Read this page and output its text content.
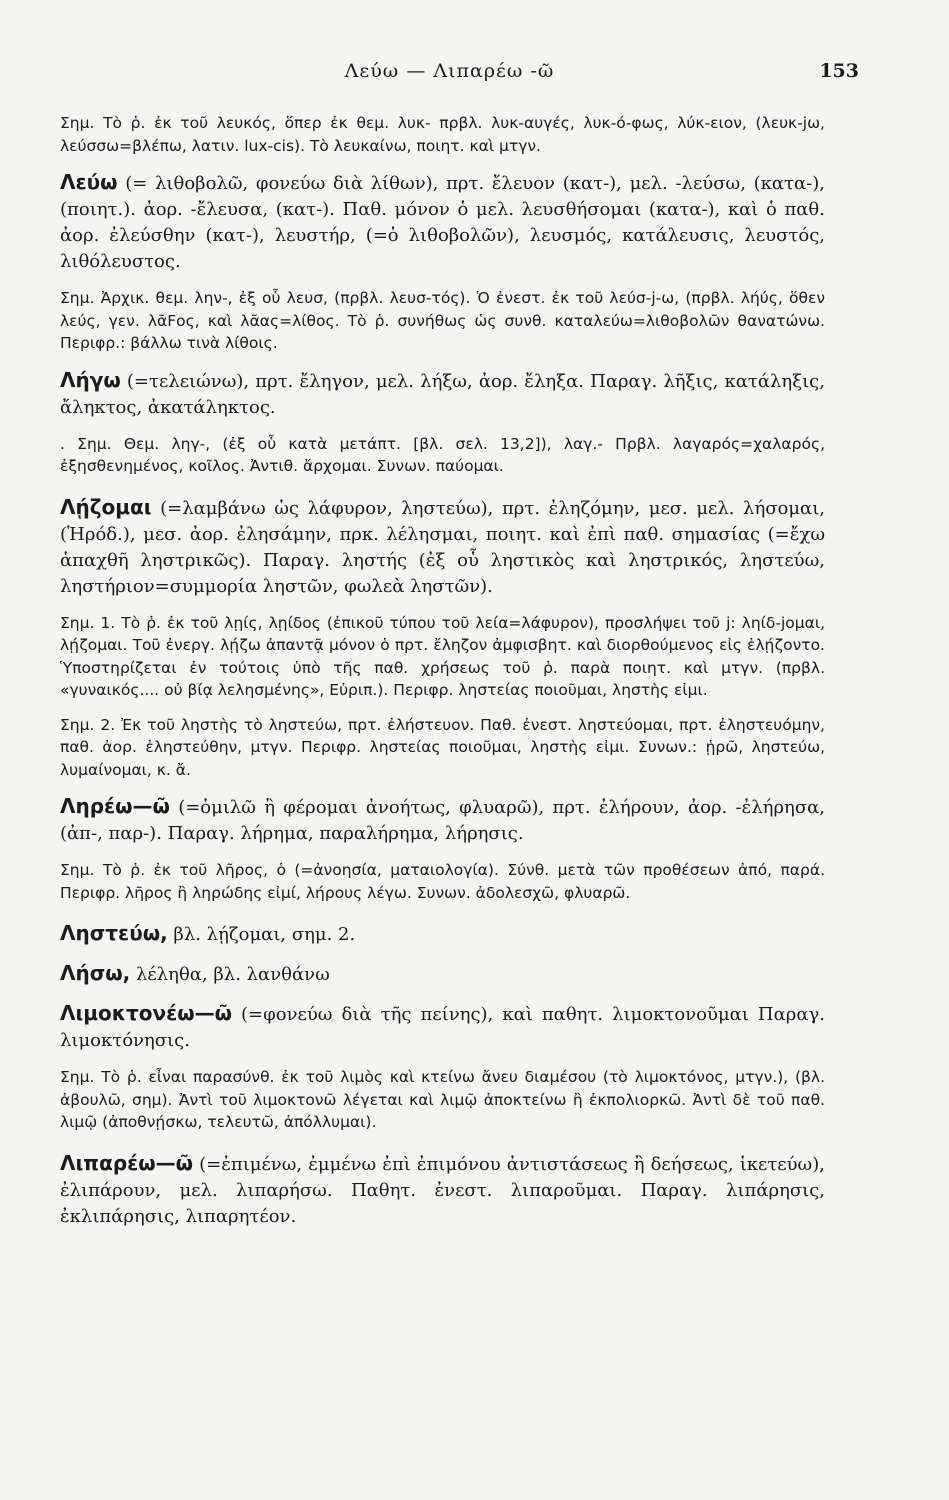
Λεύω — Λιπαρέω -ῶ	153

Σημ. Τὸ ῥ. ἐκ τοῦ λευκός, ὅπερ ἐκ θεμ. λυκ- πρβλ. λυκ-αυγές, λυκ-ό-φως, λύκ-ειον, (λευκ-jω, λεύσσω=βλέπω, λατιν. lux-cis). Τὸ λευκαίνω, ποιητ. καὶ μτγν.

Λεύω (= λιθοβολῶ, φονεύω διὰ λίθων), πρτ. ἔλευον (κατ-), μελ. -λεύσω, (κατα-), (ποιητ.). ἀορ. -ἔλευσα, (κατ-). Παθ. μόνον ὁ μελ. λευσθήσομαι (κατα-), καὶ ὁ παθ. ἀορ. ἐλεύσθην (κατ-), λευστήρ, (=ὁ λιθοβολῶν), λευσμός, κατάλευσις, λευστός, λιθόλευστος.

Σημ. Ἀρχικ. θεμ. λην-, ἐξ οὗ λευσ, (πρβλ. λευσ-τός). Ὁ ἐνεστ. ἐκ τοῦ λεύσ-j-ω, (πρβλ. λήύς, ὅθεν λεύς, γεν. λᾶFος, καὶ λᾶας=λίθος. Τὸ ῥ. συνήθως ὡς συνθ. καταλεύω=λιθοβολῶν θανατώνω. Περιφρ.: βάλλω τινὰ λίθοις.

Λήγω (=τελειώνω), πρτ. ἔληγον, μελ. λήξω, ἀορ. ἔληξα. Παραγ. λῆξις, κατάληξις, ἄληκτος, ἀκατάληκτος.

. Σημ. Θεμ. ληγ-, (ἐξ οὗ κατὰ μετάπτ. [βλ. σελ. 13,2]), λαγ.- Πρβλ. λαγαρός=χαλαρός, ἐξησθενημένος, κοῖλος. Ἀντιθ. ἄρχομαι. Συνων. παύομαι.

Λῄζομαι (=λαμβάνω ὡς λάφυρον, ληστεύω), πρτ. ἐληζόμην, μεσ. μελ. λήσομαι, (Ἡρόδ.), μεσ. ἀορ. ἐλησάμην, πρκ. λέλησμαι, ποιητ. καὶ ἐπὶ παθ. σημασίας (=ἔχω ἁπαχθῆ ληστρικῶς). Παραγ. ληστής (ἐξ οὗ ληστικὸς καὶ ληστρικός, ληστεύω, ληστήριον=συμμορία ληστῶν, φωλεὰ ληστῶν).

Σημ. 1. Τὸ ῥ. ἐκ τοῦ λῃίς, λῃίδος (ἐπικοῦ τύπου τοῦ λεία=λάφυρον), προσλήψει τοῦ j: ληίδ-joμαι, λῄζομαι. Τοῦ ἐνεργ. λῄζω ἀπαντᾷ μόνον ὁ πρτ. ἔληζον ἀμφισβητ. καὶ διορθούμενος εἰς ἐλῄζοντο. Ὑποστηρίζεται ἐν τούτοις ὑπὸ τῆς παθ. χρήσεως τοῦ ῥ. παρὰ ποιητ. καὶ μτγν. (πρβλ. «γυναικός.... οὐ βίᾳ λελησμένης», Εὐριπ.). Περιφρ. ληστείας ποιοῦμαι, ληστὴς εἰμι.

Σημ. 2. Ἐκ τοῦ ληστὴς τὸ ληστεύω, πρτ. ἐλήστευον. Παθ. ἐνεστ. ληστεύομαι, πρτ. ἐληστευόμην, παθ. ἀορ. ἐληστεύθην, μτγν. Περιφρ. ληστείας ποιοῦμαι, ληστὴς εἰμι. Συνων.: ᾑρῶ, ληστεύω, λυμαίνομαι, κ. ἄ.

Ληρέω—ῶ (=ὁμιλῶ ἢ φέρομαι ἀνοήτως, φλυαρῶ), πρτ. ἐλήρουν, ἀορ. -ἐλήρησα, (ἀπ-, παρ-). Παραγ. λήρημα, παραλήρημα, λήρησις.

Σημ. Τὸ ῥ. ἐκ τοῦ λῆρος, ὁ (=ἀνοησία, ματαιολογία). Σύνθ. μετὰ τῶν προθέσεων ἀπό, παρά. Περιφρ. λῆρος ἢ ληρώδης εἰμί, λήρους λέγω. Συνων. ἀδολεσχῶ, φλυαρῶ.

Ληστεύω, βλ. λῄζομαι, σημ. 2.

Λήσω, λέληθα, βλ. λανθάνω

Λιμοκτονέω—ῶ (=φονεύω διὰ τῆς πείνης), καὶ παθητ. λιμοκτονοῦμαι Παραγ. λιμοκτόνησις.

Σημ. Τὸ ῥ. εἶναι παρασύνθ. ἐκ τοῦ λιμὸς καὶ κτείνω ἄνευ διαμέσου (τὸ λιμοκτόνος, μτγν.), (βλ. ἀβουλῶ, σημ). Ἀντὶ τοῦ λιμοκτονῶ λέγεται καὶ λιμῷ ἀποκτείνω ἢ ἐκπολιορκῶ. Ἀντὶ δὲ τοῦ παθ. λιμῷ (ἀποθνῄσκω, τελευτῶ, ἀπόλλυμαι).

Λιπαρέω—ῶ (=ἐπιμένω, ἐμμένω ἐπὶ ἐπιμόνου ἀντιστάσεως ἢ δεήσεως, ἱκετεύω), ἐλιπάρουν, μελ. λιπαρήσω. Παθητ. ἐνεστ. λιπαροῦμαι. Παραγ. λιπάρησις, ἐκλιπάρησις, λιπαρητέον.
